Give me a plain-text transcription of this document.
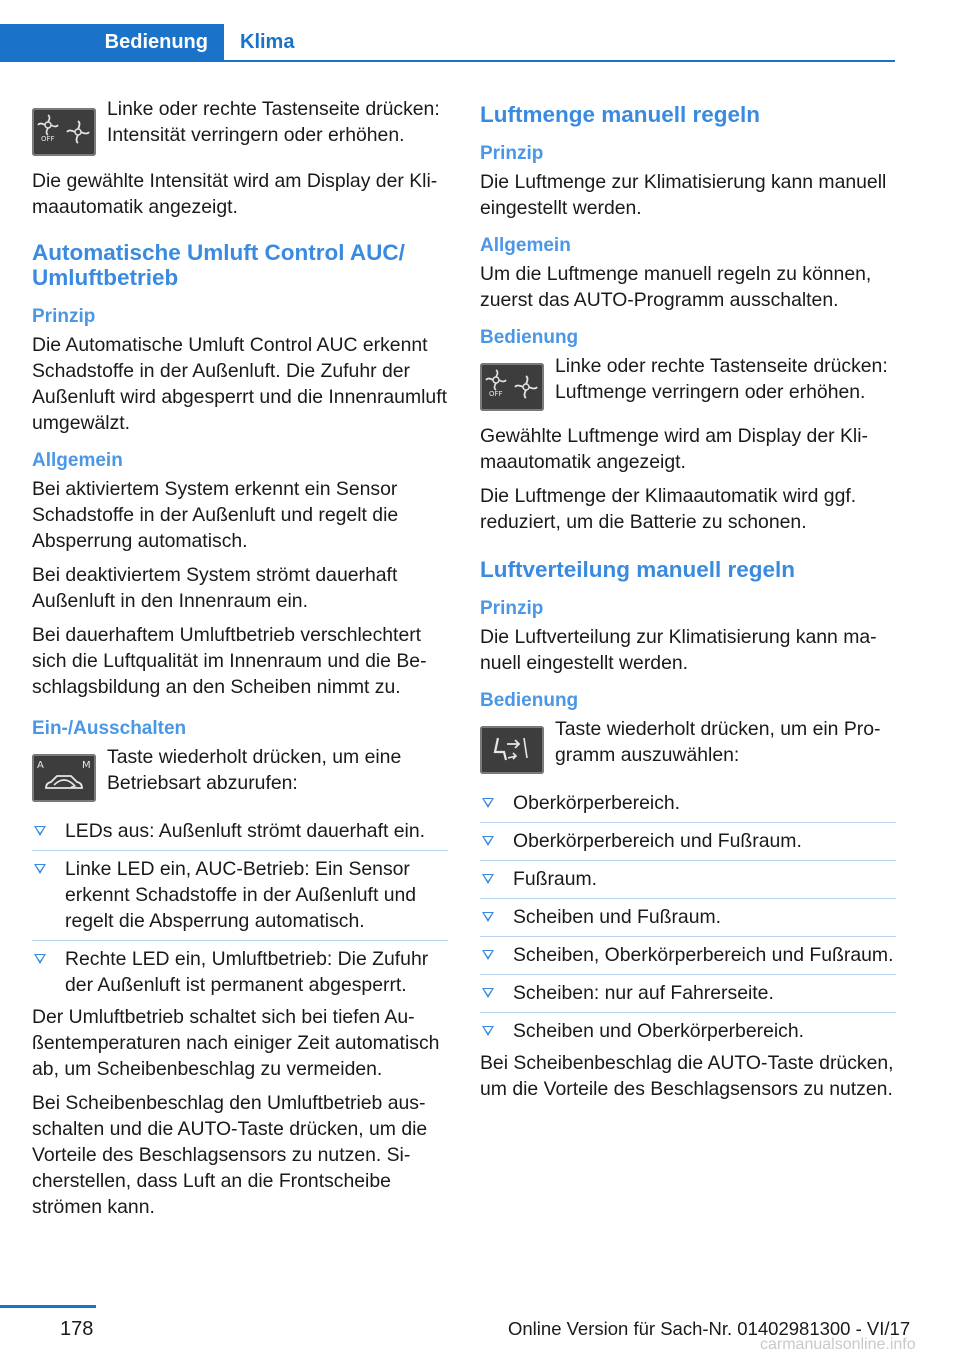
Bedienung	Klima
OFF

Linke oder rechte Tastenseite drücken: Intensität verringern oder erhöhen.

Die gewählte Intensität wird am Display der Klimaautomatik angezeigt.

Automatische Umluft Control AUC/ Umluftbetrieb
Prinzip

Die Automatische Umluft Control AUC erkennt Schadstoffe in der Außenluft. Die Zufuhr der Außenluft wird abgesperrt und die Innenraumluft umgewälzt.

Allgemein

Bei aktiviertem System erkennt ein Sensor Schadstoffe in der Außenluft und regelt die Absperrung automatisch.

Bei deaktiviertem System strömt dauerhaft Außenluft in den Innenraum ein.

Bei dauerhaftem Umluftbetrieb verschlechtert sich die Luftqualität im Innenraum und die Beschlagsbildung an den Scheiben nimmt zu.

Ein-/Ausschalten
A	M Taste wiederholt drücken, um eine Betriebsart abzurufen:

LEDs aus: Außenluft strömt dauerhaft ein.
Linke LED ein, AUC-Betrieb: Ein Sensor erkennt Schadstoffe in der Außenluft und regelt die Absperrung automatisch.
Rechte LED ein, Umluftbetrieb: Die Zufuhr der Außenluft ist permanent abgesperrt.

Der Umluftbetrieb schaltet sich bei tiefen Außentemperaturen nach einiger Zeit automatisch ab, um Scheibenbeschlag zu vermeiden.

Bei Scheibenbeschlag den Umluftbetrieb ausschalten und die AUTO-Taste drücken, um die Vorteile des Beschlagsensors zu nutzen. Sicherstellen, dass Luft an die Frontscheibe strömen kann.

Luftmenge manuell regeln
Prinzip

Die Luftmenge zur Klimatisierung kann manuell eingestellt werden.

Allgemein

Um die Luftmenge manuell regeln zu können, zuerst das AUTO-Programm ausschalten.

Bedienung
OFF

Linke oder rechte Tastenseite drücken: Luftmenge verringern oder erhöhen.

Gewählte Luftmenge wird am Display der Klimaautomatik angezeigt.

Die Luftmenge der Klimaautomatik wird ggf. reduziert, um die Batterie zu schonen.

Luftverteilung manuell regeln
Prinzip

Die Luftverteilung zur Klimatisierung kann manuell eingestellt werden.

Bedienung

Taste wiederholt drücken, um ein Programm auszuwählen:

Oberkörperbereich.
Oberkörperbereich und Fußraum.
Fußraum.
Scheiben und Fußraum.
Scheiben, Oberkörperbereich und Fußraum.
Scheiben: nur auf Fahrerseite.
Scheiben und Oberkörperbereich.

Bei Scheibenbeschlag die AUTO-Taste drücken, um die Vorteile des Beschlagsensors zu nutzen.

178	Online Version für Sach-Nr. 01402981300 - VI/17
carmanualsonline.info
